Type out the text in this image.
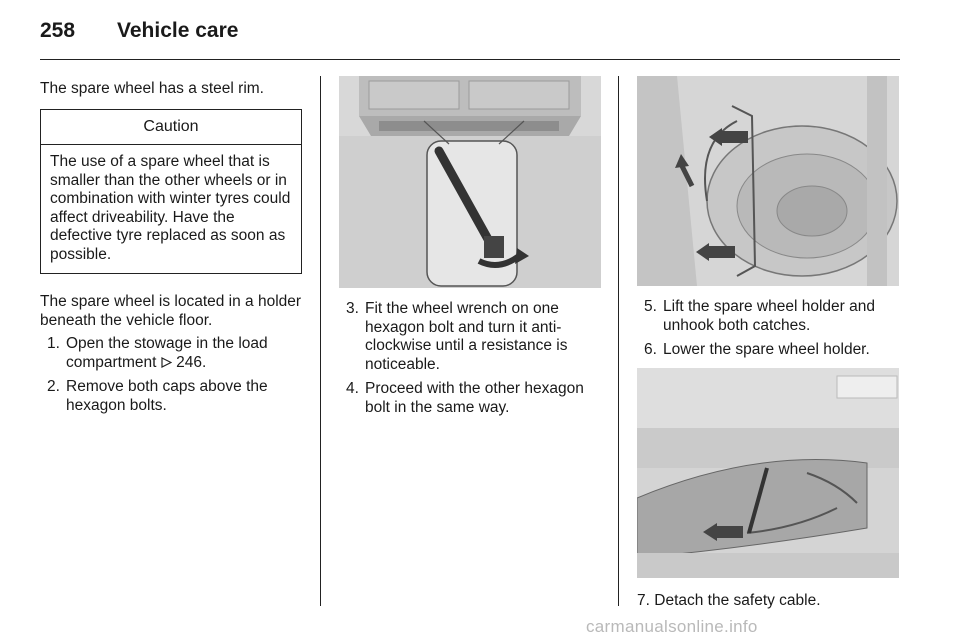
258 Vehicle care

The spare wheel has a steel rim.

Caution
The use of a spare wheel that is smaller than the other wheels or in combination with winter tyres could affect driveability. Have the defective tyre replaced as soon as possible.

The spare wheel is located in a holder beneath the vehicle floor.

1. Open the stowage in the load compartment 246.
2. Remove both caps above the hexagon bolts.
3. Fit the wheel wrench on one hexagon bolt and turn it anti-clockwise until a resistance is noticeable.
4. Proceed with the other hexagon bolt in the same way.
5. Lift the spare wheel holder and unhook both catches.
6. Lower the spare wheel holder.

7. Detach the safety cable.

carmanualsonline.info
